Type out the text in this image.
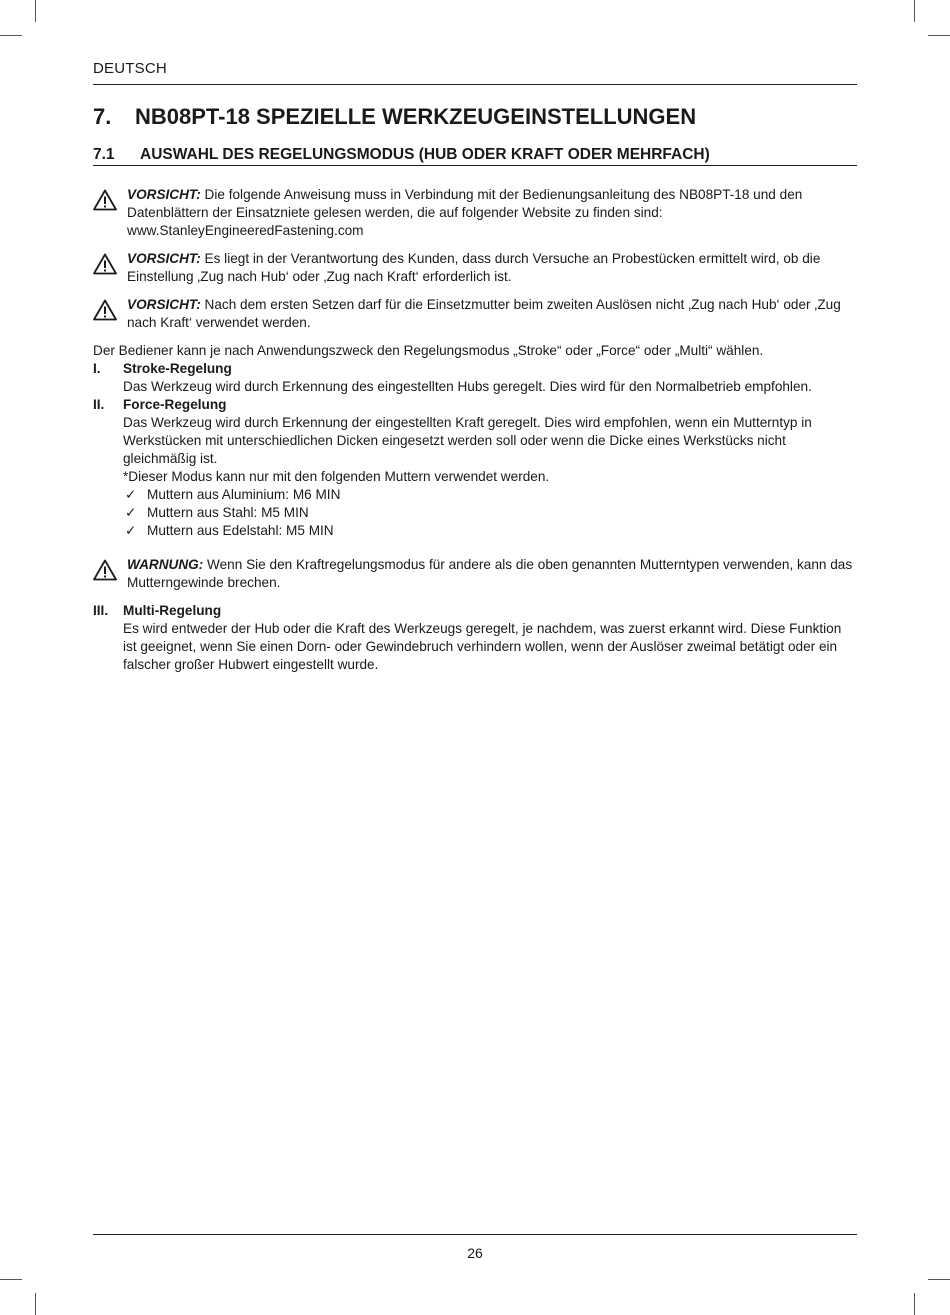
DEUTSCH
7. NB08PT-18 SPEZIELLE WERKZEUGEINSTELLUNGEN
7.1 AUSWAHL DES REGELUNGSMODUS (HUB ODER KRAFT ODER MEHRFACH)
VORSICHT: Die folgende Anweisung muss in Verbindung mit der Bedienungsanleitung des NB08PT-18 und den Datenblättern der Einsatzniete gelesen werden, die auf folgender Website zu finden sind: www.StanleyEngineeredFastening.com
VORSICHT: Es liegt in der Verantwortung des Kunden, dass durch Versuche an Probestücken ermittelt wird, ob die Einstellung ‚Zug nach Hub‘ oder ‚Zug nach Kraft‘ erforderlich ist.
VORSICHT: Nach dem ersten Setzen darf für die Einsetzmutter beim zweiten Auslösen nicht ‚Zug nach Hub‘ oder ‚Zug nach Kraft‘ verwendet werden.

Der Bediener kann je nach Anwendungszweck den Regelungsmodus „Stroke“ oder „Force“ oder „Multi“ wählen.

I. Stroke-Regelung
Das Werkzeug wird durch Erkennung des eingestellten Hubs geregelt. Dies wird für den Normalbetrieb empfohlen.
II. Force-Regelung
Das Werkzeug wird durch Erkennung der eingestellten Kraft geregelt. Dies wird empfohlen, wenn ein Mutterntyp in Werkstücken mit unterschiedlichen Dicken eingesetzt werden soll oder wenn die Dicke eines Werkstücks nicht gleichmäßig ist.
*Dieser Modus kann nur mit den folgenden Muttern verwendet werden.
✓ Muttern aus Aluminium: M6 MIN
✓ Muttern aus Stahl: M5 MIN
✓ Muttern aus Edelstahl: M5 MIN
WARNUNG: Wenn Sie den Kraftregelungsmodus für andere als die oben genannten Mutterntypen verwenden, kann das Mutterngewinde brechen.
III. Multi-Regelung
Es wird entweder der Hub oder die Kraft des Werkzeugs geregelt, je nachdem, was zuerst erkannt wird. Diese Funktion ist geeignet, wenn Sie einen Dorn- oder Gewindebruch verhindern wollen, wenn der Auslöser zweimal betätigt oder ein falscher großer Hubwert eingestellt wurde.
26
